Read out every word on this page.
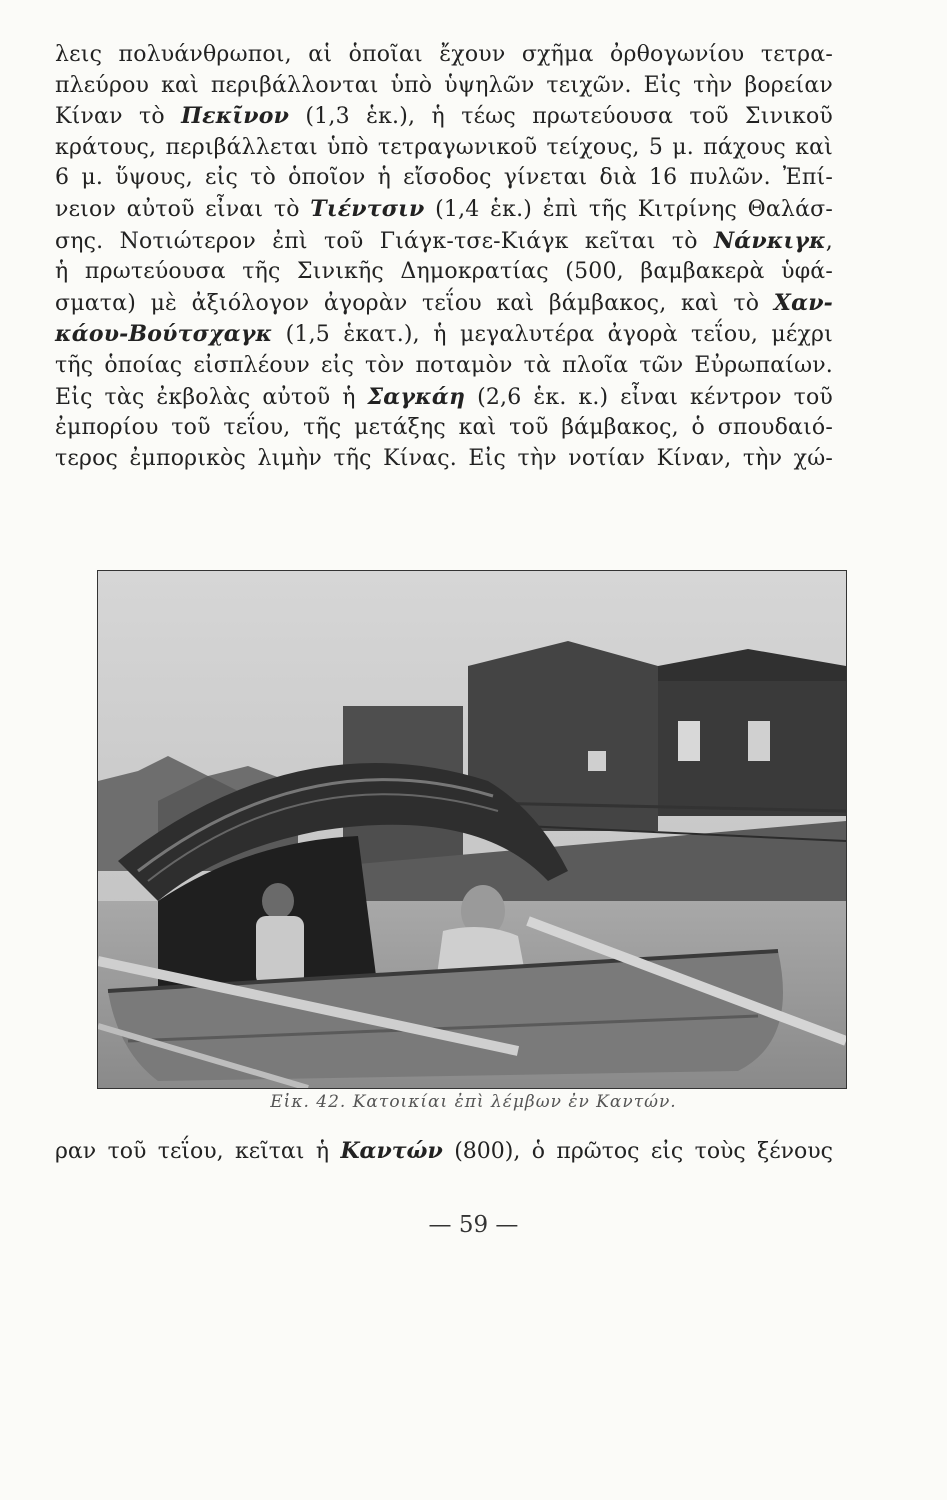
λεις πολυάνθρωποι, αἱ ὁποῖαι ἔχουν σχῆμα ὀρθογωνίου τετρα-
πλεύρου καὶ περιβάλλονται ὑπὸ ὑψηλῶν τειχῶν. Εἰς τὴν βορείαν
Κίναν τὸ Πεκῖνον (1,3 ἑκ.), ἡ τέως πρωτεύουσα τοῦ Σινικοῦ
κράτους, περιβάλλεται ὑπὸ τετραγωνικοῦ τείχους, 5 μ. πάχους καὶ
6 μ. ὕψους, εἰς τὸ ὁποῖον ἡ εἴσοδος γίνεται διὰ 16 πυλῶν. Ἐπί-
νειον αὐτοῦ εἶναι τὸ Τιέντσιν (1,4 ἑκ.) ἐπὶ τῆς Κιτρίνης Θαλάσ-
σης. Νοτιώτερον ἐπὶ τοῦ Γιάγκ-τσε-Κιάγκ κεῖται τὸ Νάνκιγκ,
ἡ πρωτεύουσα τῆς Σινικῆς Δημοκρατίας (500, βαμβακερὰ ὑφά-
σματα) μὲ ἀξιόλογον ἀγορὰν τεΐου καὶ βάμβακος, καὶ τὸ Χαν-
κάου-Βούτσχαγκ (1,5 ἑκατ.), ἡ μεγαλυτέρα ἀγορὰ τεΐου, μέχρι
τῆς ὁποίας εἰσπλέουν εἰς τὸν ποταμὸν τὰ πλοῖα τῶν Εὐρωπαίων.
Εἰς τὰς ἐκβολὰς αὐτοῦ ἡ Σαγκάη (2,6 ἑκ. κ.) εἶναι κέντρον τοῦ
ἐμπορίου τοῦ τεΐου, τῆς μετάξης καὶ τοῦ βάμβακος, ὁ σπουδαιό-
τερος ἐμπορικὸς λιμὴν τῆς Κίνας. Εἰς τὴν νοτίαν Κίναν, τὴν χώ-
Εἰκ. 42. Κατοικίαι ἐπὶ λέμβων ἐν Καντών.
ραν τοῦ τεΐου, κεῖται ἡ Καντών (800), ὁ πρῶτος εἰς τοὺς ξένους
— 59 —
